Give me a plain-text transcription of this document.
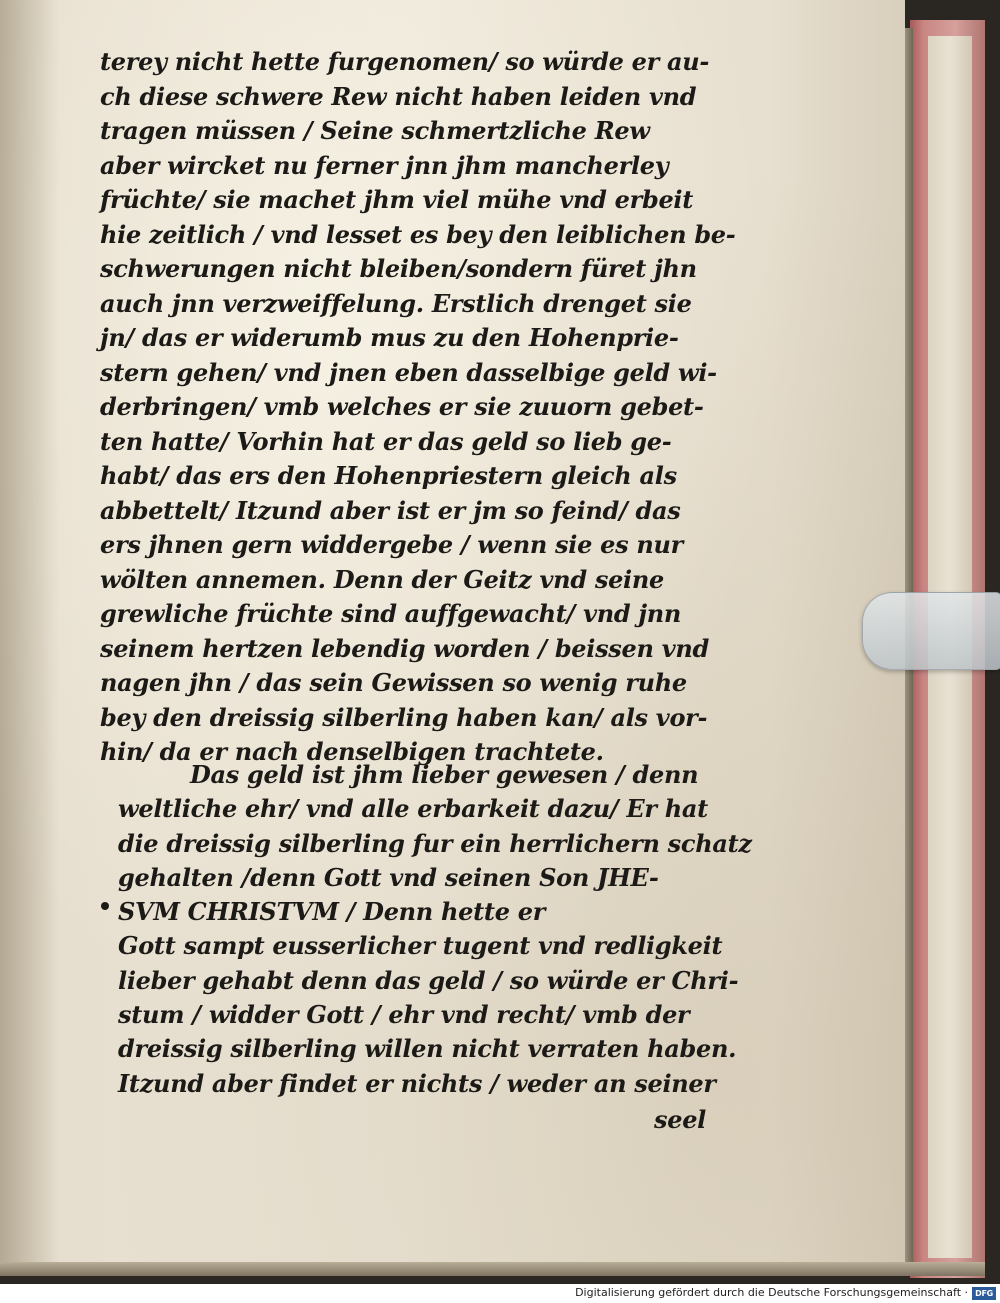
terey nicht hette furgenomen/ so würde er au-
ch diese schwere Rew nicht haben leiden vnd
tragen müssen / Seine schmertzliche Rew
aber wircket nu ferner jnn jhm mancherley
früchte/ sie machet jhm viel mühe vnd erbeit
hie zeitlich / vnd lesset es bey den leiblichen be-
schwerungen nicht bleiben/sondern füret jhn
auch jnn verzweiffelung. Erstlich drenget sie
jn/ das er widerumb mus zu den Hohenprie-
stern gehen/ vnd jnen eben dasselbige geld wi-
derbringen/ vmb welches er sie zuuorn gebet-
ten hatte/ Vorhin hat er das geld so lieb ge-
habt/ das ers den Hohenpriestern gleich als
abbettelt/ Itzund aber ist er jm so feind/ das
ers jhnen gern widdergebe / wenn sie es nur
wölten annemen. Denn der Geitz vnd seine
grewliche früchte sind auffgewacht/ vnd jnn
seinem hertzen lebendig worden / beissen vnd
nagen jhn / das sein Gewissen so wenig ruhe
bey den dreissig silberling haben kan/ als vor-
hin/ da er nach denselbigen trachtete.
Das geld ist jhm lieber gewesen / denn
weltliche ehr/ vnd alle erbarkeit dazu/ Er hat
die dreissig silberling fur ein herrlichern schatz
gehalten /denn Gott vnd seinen Son JHE-
SVM CHRISTVM / Denn hette er
Gott sampt eusserlicher tugent vnd redligkeit
lieber gehabt denn das geld / so würde er Chri-
stum / widder Gott / ehr vnd recht/ vmb der
dreissig silberling willen nicht verraten haben.
Itzund aber findet er nichts / weder an seiner
seel
Digitalisierung gefördert durch die Deutsche Forschungsgemeinschaft · DFG
